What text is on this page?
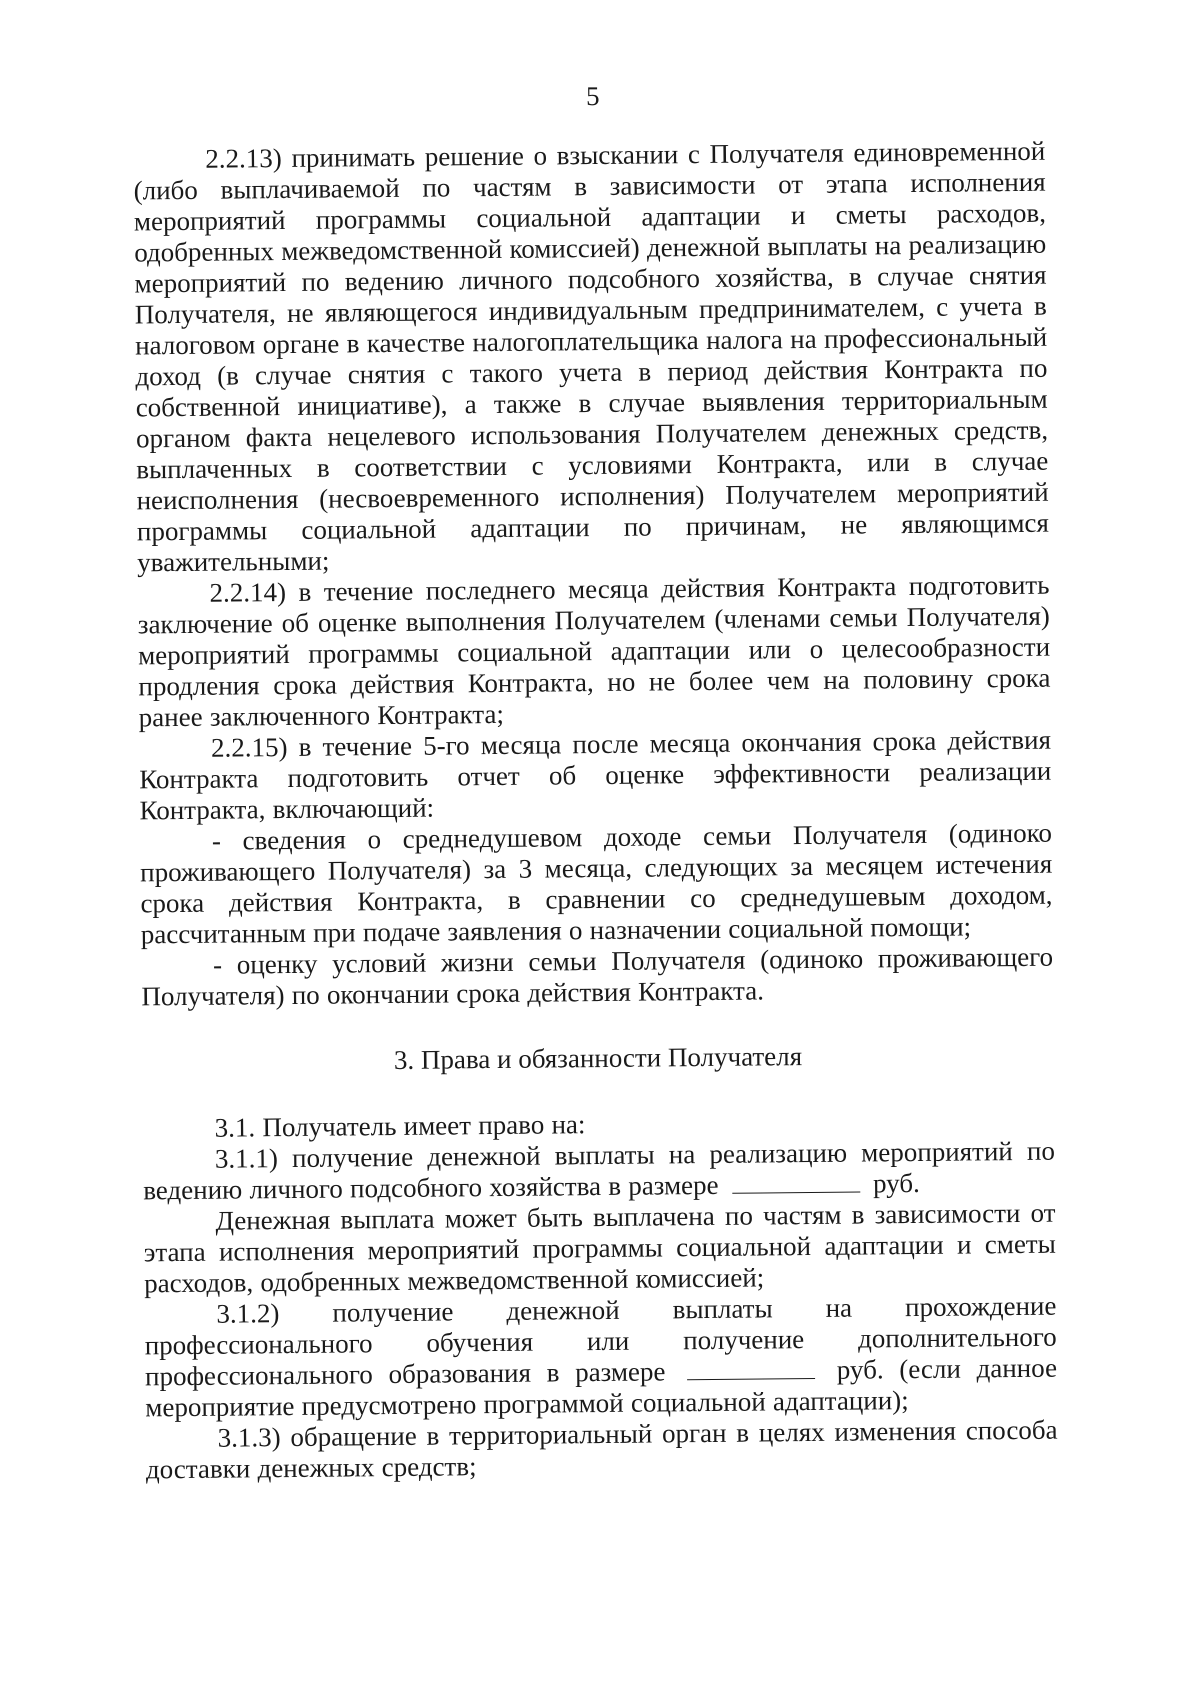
5

2.2.13) принимать решение о взыскании с Получателя единовременной (либо выплачиваемой по частям в зависимости от этапа исполнения мероприятий программы социальной адаптации и сметы расходов, одобренных межведомственной комиссией) денежной выплаты на реализацию мероприятий по ведению личного подсобного хозяйства, в случае снятия Получателя, не являющегося индивидуальным предпринимателем, с учета в налоговом органе в качестве налогоплательщика налога на профессиональный доход (в случае снятия с такого учета в период действия Контракта по собственной инициативе), а также в случае выявления территориальным органом факта нецелевого использования Получателем денежных средств, выплаченных в соответствии с условиями Контракта, или в случае неисполнения (несвоевременного исполнения) Получателем мероприятий программы социальной адаптации по причинам, не являющимся уважительными;

2.2.14) в течение последнего месяца действия Контракта подготовить заключение об оценке выполнения Получателем (членами семьи Получателя) мероприятий программы социальной адаптации или о целесообразности продления срока действия Контракта, но не более чем на половину срока ранее заключенного Контракта;

2.2.15) в течение 5-го месяца после месяца окончания срока действия Контракта подготовить отчет об оценке эффективности реализации Контракта, включающий:

- сведения о среднедушевом доходе семьи Получателя (одиноко проживающего Получателя) за 3 месяца, следующих за месяцем истечения срока действия Контракта, в сравнении со среднедушевым доходом, рассчитанным при подаче заявления о назначении социальной помощи;

- оценку условий жизни семьи Получателя (одиноко проживающего Получателя) по окончании срока действия Контракта.

3. Права и обязанности Получателя

3.1. Получатель имеет право на:

3.1.1) получение денежной выплаты на реализацию мероприятий по ведению личного подсобного хозяйства в размере	руб.

Денежная выплата может быть выплачена по частям в зависимости от этапа исполнения мероприятий программы социальной адаптации и сметы расходов, одобренных межведомственной комиссией;

3.1.2) получение денежной выплаты на прохождение профессионального обучения или получение дополнительного профессионального образования в размере	руб. (если данное мероприятие предусмотрено программой социальной адаптации);

3.1.3) обращение в территориальный орган в целях изменения способа доставки денежных средств;
